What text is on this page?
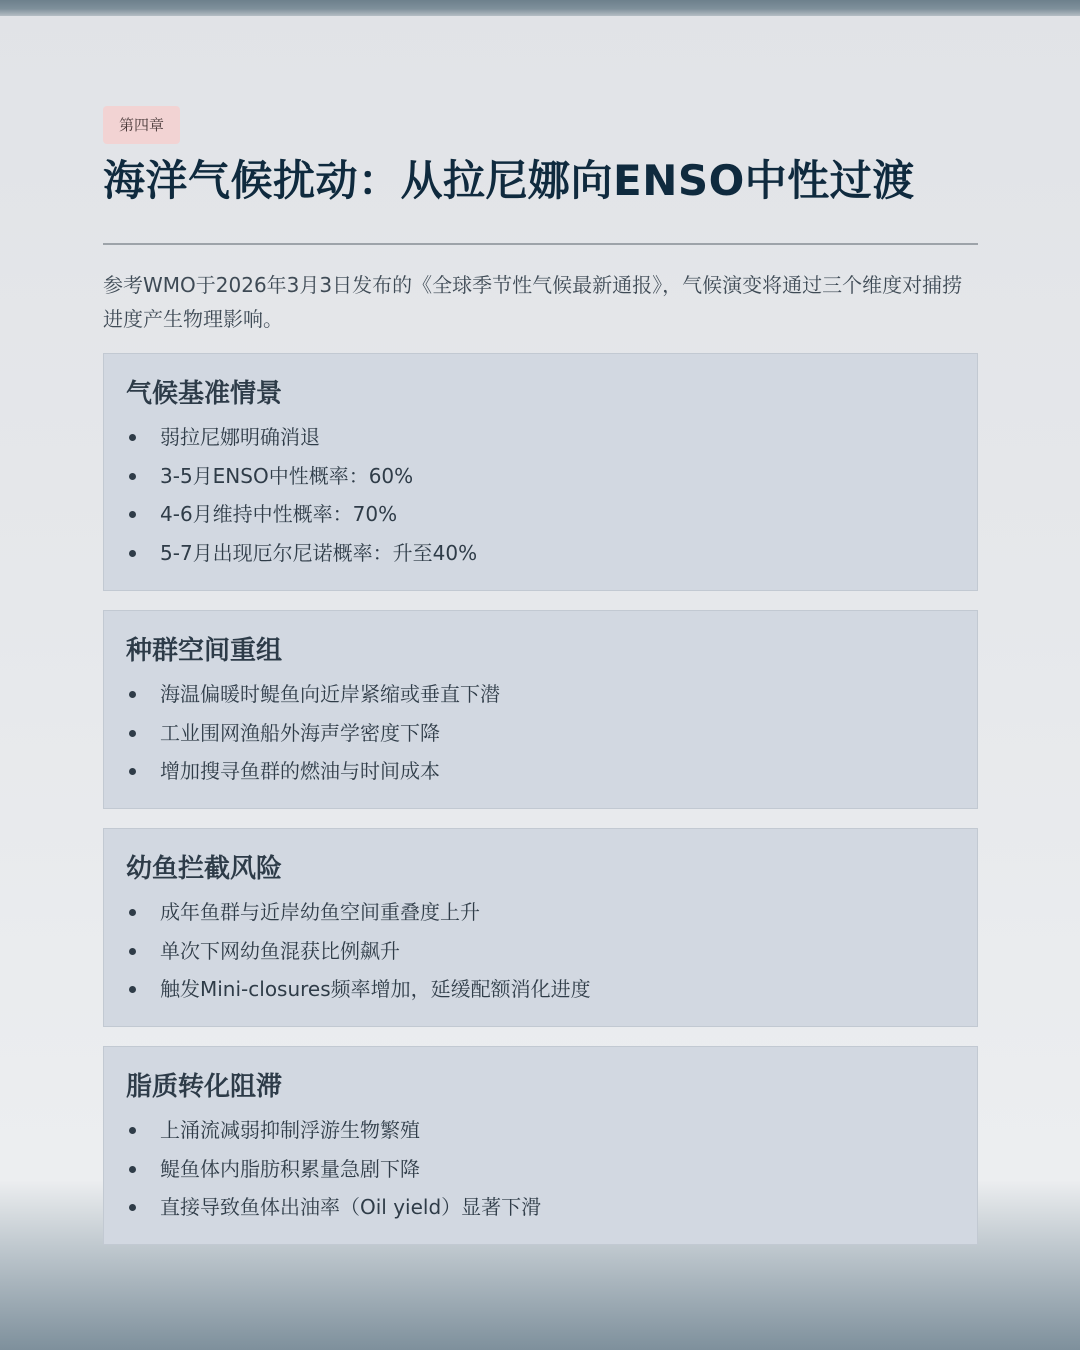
第四章
海洋气候扰动：从拉尼娜向ENSO中性过渡

参考WMO于2026年3月3日发布的《全球季节性气候最新通报》，气候演变将通过三个维度对捕捞进度产生物理影响。

气候基准情景
弱拉尼娜明确消退
3-5月ENSO中性概率：60%
4-6月维持中性概率：70%
5-7月出现厄尔尼诺概率：升至40%
种群空间重组
海温偏暖时鳀鱼向近岸紧缩或垂直下潜
工业围网渔船外海声学密度下降
增加搜寻鱼群的燃油与时间成本
幼鱼拦截风险
成年鱼群与近岸幼鱼空间重叠度上升
单次下网幼鱼混获比例飙升
触发Mini-closures频率增加，延缓配额消化进度
脂质转化阻滞
上涌流减弱抑制浮游生物繁殖
鳀鱼体内脂肪积累量急剧下降
直接导致鱼体出油率（Oil yield）显著下滑
